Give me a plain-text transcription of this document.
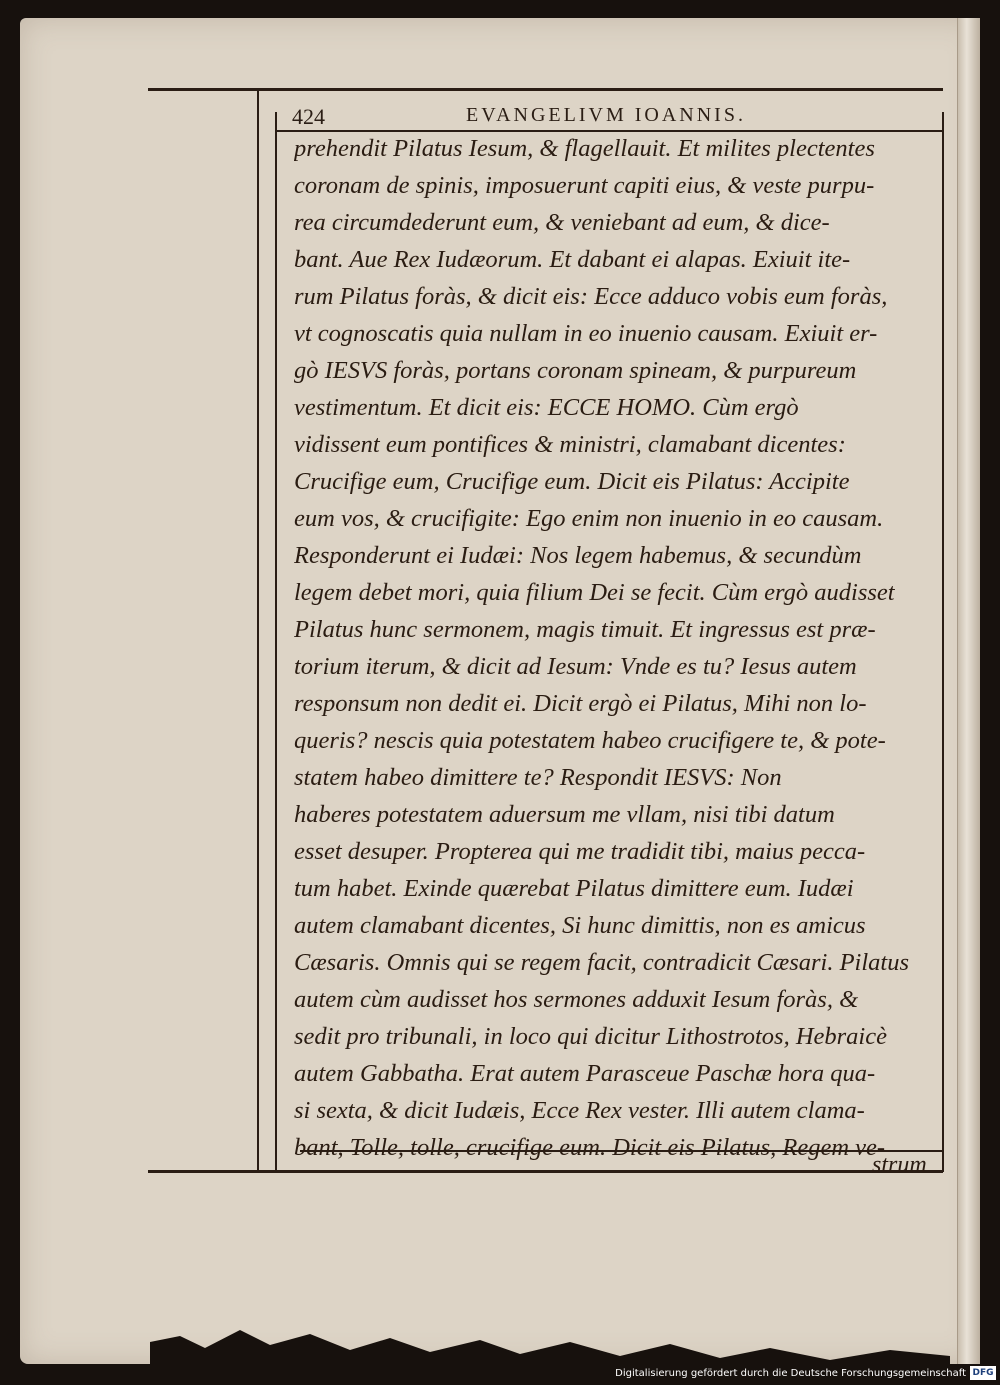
424	EVANGELIVM IOANNIS.
prehendit Pilatus Iesum, & flagellauit. Et milites plectentes
coronam de spinis, imposuerunt capiti eius, & veste purpu-
rea circumdederunt eum, & veniebant ad eum, & dice-
bant. Aue Rex Iudæorum. Et dabant ei alapas. Exiuit ite-
rum Pilatus foràs, & dicit eis: Ecce adduco vobis eum foràs,
vt cognoscatis quia nullam in eo inuenio causam. Exiuit er-
gò IESVS foràs, portans coronam spineam, & purpureum
vestimentum. Et dicit eis: ECCE HOMO. Cùm ergò
vidissent eum pontifices & ministri, clamabant dicentes:
Crucifige eum, Crucifige eum. Dicit eis Pilatus: Accipite
eum vos, & crucifigite: Ego enim non inuenio in eo causam.
Responderunt ei Iudæi: Nos legem habemus, & secundùm
legem debet mori, quia filium Dei se fecit. Cùm ergò audisset
Pilatus hunc sermonem, magis timuit. Et ingressus est præ-
torium iterum, & dicit ad Iesum: Vnde es tu? Iesus autem
responsum non dedit ei. Dicit ergò ei Pilatus, Mihi non lo-
queris? nescis quia potestatem habeo crucifigere te, & pote-
statem habeo dimittere te? Respondit IESVS: Non
haberes potestatem aduersum me vllam, nisi tibi datum
esset desuper. Propterea qui me tradidit tibi, maius pecca-
tum habet. Exinde quærebat Pilatus dimittere eum. Iudæi
autem clamabant dicentes, Si hunc dimittis, non es amicus
Cæsaris. Omnis qui se regem facit, contradicit Cæsari. Pilatus
autem cùm audisset hos sermones adduxit Iesum foràs, &
sedit pro tribunali, in loco qui dicitur Lithostrotos, Hebraicè
autem Gabbatha. Erat autem Parasceue Paschæ hora qua-
si sexta, & dicit Iudæis, Ecce Rex vester. Illi autem clama-
bant, Tolle, tolle, crucifige eum. Dicit eis Pilatus, Regem ve-
strum
Digitalisierung gefördert durch die Deutsche Forschungsgemeinschaft DFG
